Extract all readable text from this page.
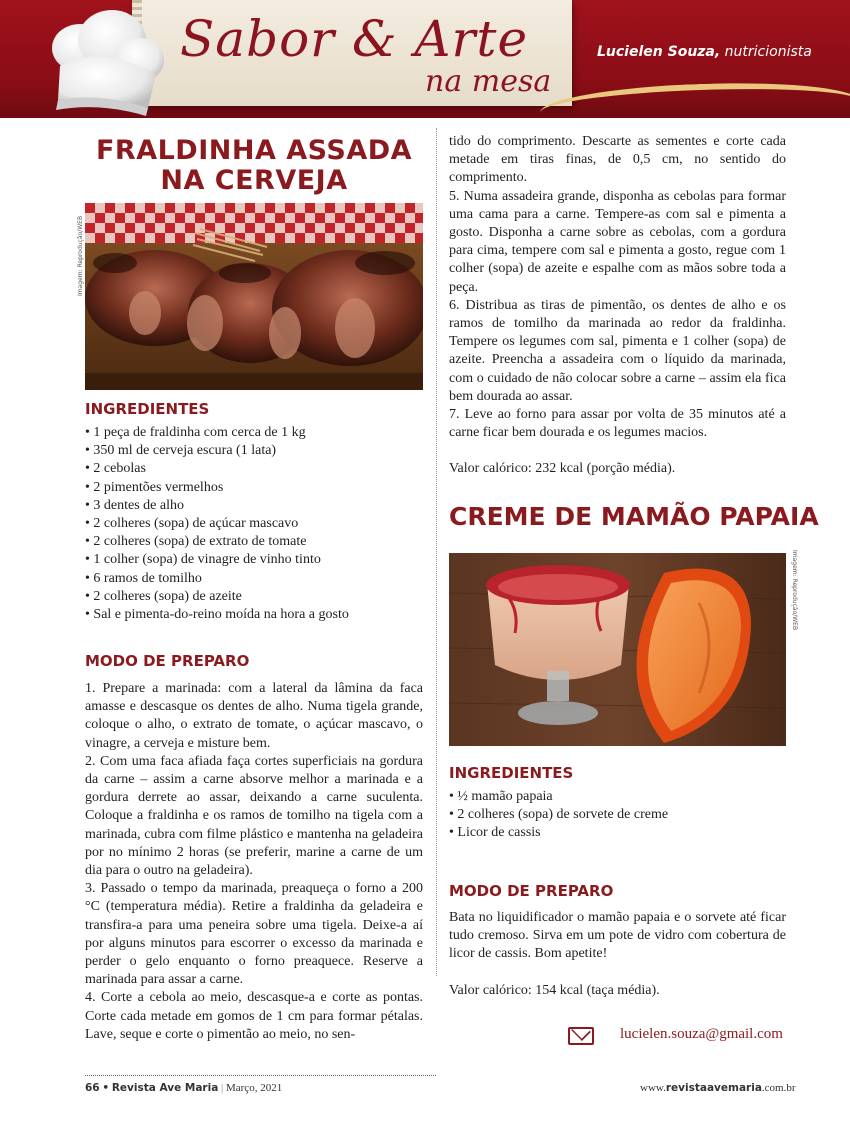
Sabor & Arte
na mesa
Lucielen Souza, nutricionista
FRALDINHA ASSADA
NA CERVEJA
Imagem: Reprodução/WEB
INGREDIENTES
• 1 peça de fraldinha com cerca de 1 kg
• 350 ml de cerveja escura (1 lata)
• 2 cebolas
• 2 pimentões vermelhos
• 3 dentes de alho
• 2 colheres (sopa) de açúcar mascavo
• 2 colheres (sopa) de extrato de tomate
• 1 colher (sopa) de vinagre de vinho tinto
• 6 ramos de tomilho
• 2 colheres (sopa) de azeite
• Sal e pimenta-do-reino moída na hora a gosto
MODO DE PREPARO

1. Prepare a marinada: com a lateral da lâmina da faca amasse e descasque os dentes de alho. Numa tigela grande, coloque o alho, o extrato de tomate, o açúcar mascavo, o vinagre, a cerveja e misture bem.

2. Com uma faca afiada faça cortes superficiais na gordura da carne – assim a carne absorve melhor a marinada e a gordura derrete ao assar, deixando a carne suculenta. Coloque a fraldinha e os ramos de tomilho na tigela com a marinada, cubra com filme plástico e mantenha na geladeira por no mínimo 2 horas (se preferir, marine a carne de um dia para o outro na geladeira).

3. Passado o tempo da marinada, preaqueça o forno a 200 °C (temperatura média). Retire a fraldinha da geladeira e transfira-a para uma peneira sobre uma tigela. Deixe-a aí por alguns minutos para escorrer o excesso da marinada e perder o gelo enquanto o forno preaquece. Reserve a marinada para assar a carne.

4. Corte a cebola ao meio, descasque-a e corte as pontas. Corte cada metade em gomos de 1 cm para formar pétalas. Lave, seque e corte o pimentão ao meio, no sen-

tido do comprimento. Descarte as sementes e corte cada metade em tiras finas, de 0,5 cm, no sentido do comprimento.

5. Numa assadeira grande, disponha as cebolas para formar uma cama para a carne. Tempere-as com sal e pimenta a gosto. Disponha a carne sobre as cebolas, com a gordura para cima, tempere com sal e pimenta a gosto, regue com 1 colher (sopa) de azeite e espalhe com as mãos sobre toda a peça.

6. Distribua as tiras de pimentão, os dentes de alho e os ramos de tomilho da marinada ao redor da fraldinha. Tempere os legumes com sal, pimenta e 1 colher (sopa) de azeite. Preencha a assadeira com o líquido da marinada, com o cuidado de não colocar sobre a carne – assim ela fica bem dourada ao assar.

7. Leve ao forno para assar por volta de 35 minutos até a carne ficar bem dourada e os legumes macios.

Valor calórico: 232 kcal (porção média).

CREME DE MAMÃO PAPAIA
Imagem: Reprodução/WEB
INGREDIENTES
• ½ mamão papaia
• 2 colheres (sopa) de sorvete de creme
• Licor de cassis
MODO DE PREPARO

Bata no liquidificador o mamão papaia e o sorvete até ficar tudo cremoso. Sirva em um pote de vidro com cobertura de licor de cassis. Bom apetite!

Valor calórico: 154 kcal (taça média).

lucielen.souza@gmail.com
66 • Revista Ave Maria | Março, 2021	www.revistaavemaria.com.br
